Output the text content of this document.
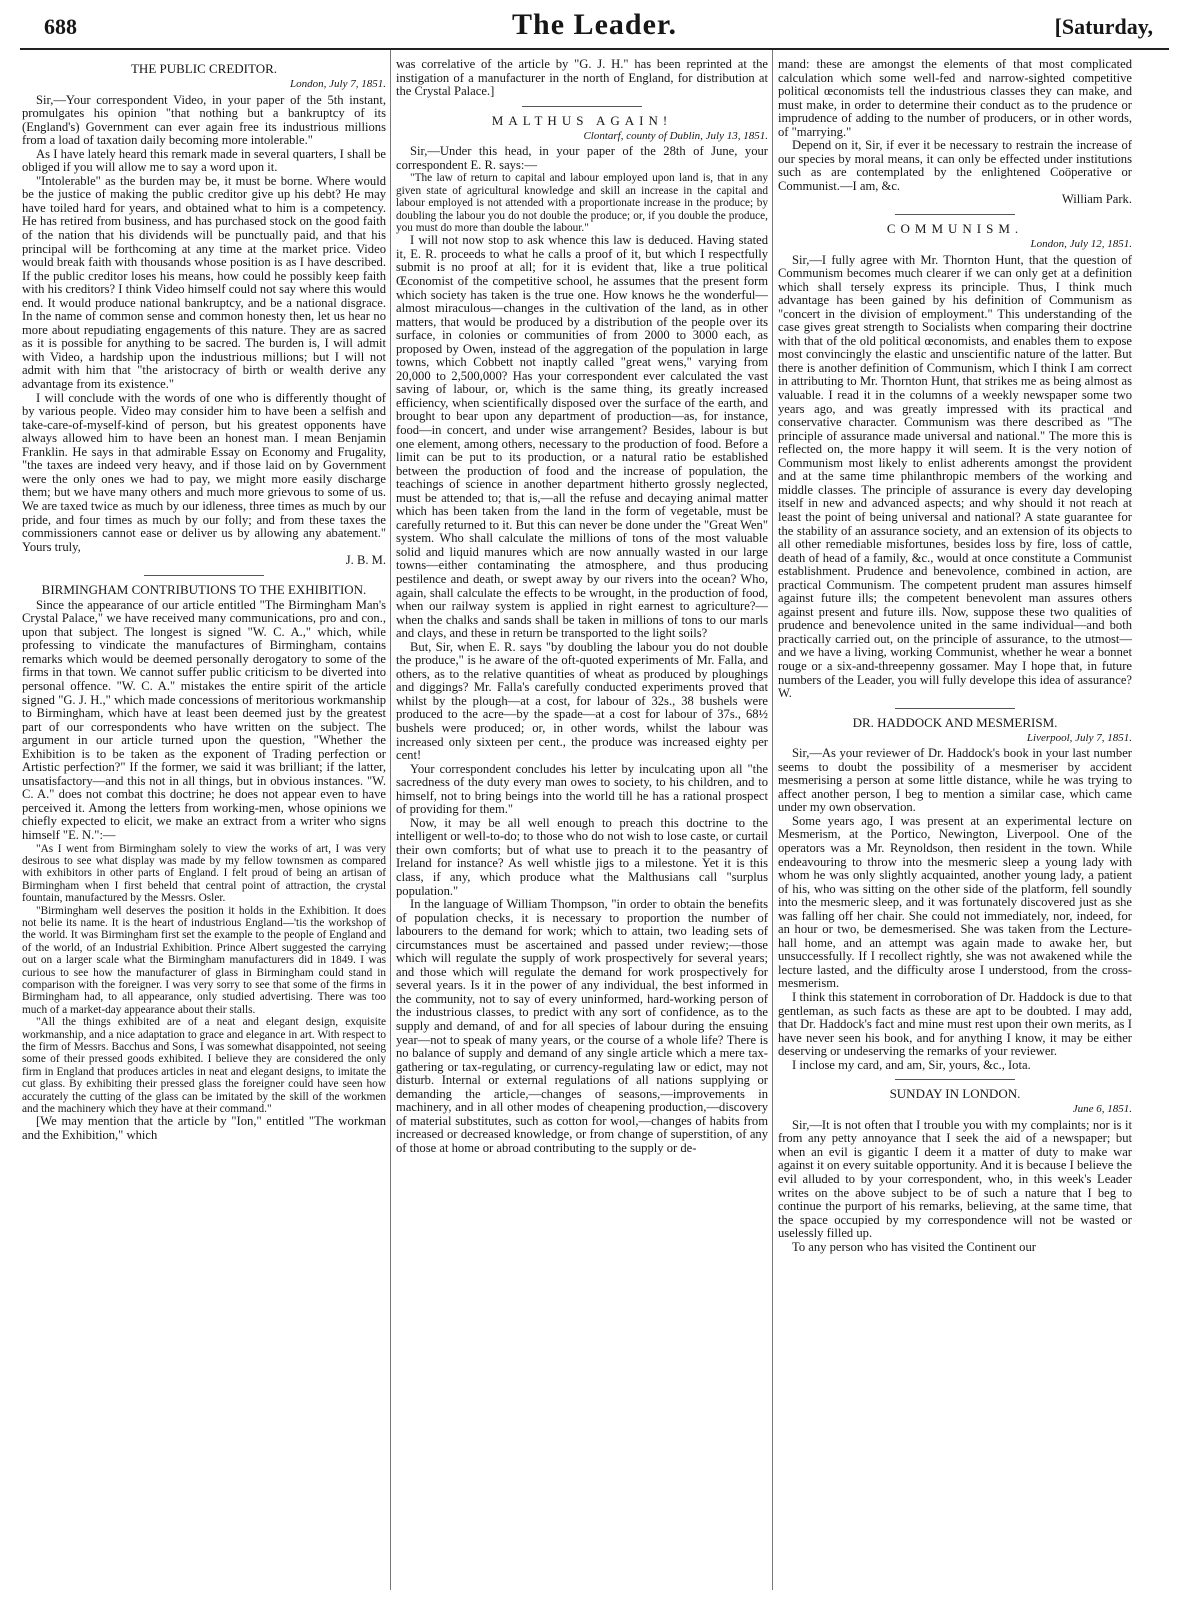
688	The Leader.	[Saturday,
THE PUBLIC CREDITOR.
London, July 7, 1851.

Sir,—Your correspondent Video, in your paper of the 5th instant, promulgates his opinion "that nothing but a bankruptcy of its (England's) Government can ever again free its industrious millions from a load of taxation daily becoming more intolerable."

As I have lately heard this remark made in several quarters, I shall be obliged if you will allow me to say a word upon it.

"Intolerable" as the burden may be, it must be borne. Where would be the justice of making the public creditor give up his debt? He may have toiled hard for years, and obtained what to him is a competency. He has retired from business, and has purchased stock on the good faith of the nation that his dividends will be punctually paid, and that his principal will be forthcoming at any time at the market price. Video would break faith with thousands whose position is as I have described. If the public creditor loses his means, how could he possibly keep faith with his creditors? I think Video himself could not say where this would end. It would produce national bankruptcy, and be a national disgrace. In the name of common sense and common honesty then, let us hear no more about repudiating engagements of this nature. They are as sacred as it is possible for anything to be sacred. The burden is, I will admit with Video, a hardship upon the industrious millions; but I will not admit with him that "the aristocracy of birth or wealth derive any advantage from its existence."

I will conclude with the words of one who is differently thought of by various people. Video may consider him to have been a selfish and take-care-of-myself-kind of person, but his greatest opponents have always allowed him to have been an honest man. I mean Benjamin Franklin. He says in that admirable Essay on Economy and Frugality, "the taxes are indeed very heavy, and if those laid on by Government were the only ones we had to pay, we might more easily discharge them; but we have many others and much more grievous to some of us. We are taxed twice as much by our idleness, three times as much by our pride, and four times as much by our folly; and from these taxes the commissioners cannot ease or deliver us by allowing any abatement." Yours truly,

J. B. M.
BIRMINGHAM CONTRIBUTIONS TO THE EXHIBITION.

Since the appearance of our article entitled "The Birmingham Man's Crystal Palace," we have received many communications, pro and con., upon that subject. The longest is signed "W. C. A.," which, while professing to vindicate the manufactures of Birmingham, contains remarks which would be deemed personally derogatory to some of the firms in that town. We cannot suffer public criticism to be diverted into personal offence. "W. C. A." mistakes the entire spirit of the article signed "G. J. H.," which made concessions of meritorious workmanship to Birmingham, which have at least been deemed just by the greatest part of our correspondents who have written on the subject. The argument in our article turned upon the question, "Whether the Exhibition is to be taken as the exponent of Trading perfection or Artistic perfection?" If the former, we said it was brilliant; if the latter, unsatisfactory—and this not in all things, but in obvious instances. "W. C. A." does not combat this doctrine; he does not appear even to have perceived it. Among the letters from working-men, whose opinions we chiefly expected to elicit, we make an extract from a writer who signs himself "E. N.":—

"As I went from Birmingham solely to view the works of art, I was very desirous to see what display was made by my fellow townsmen as compared with exhibitors in other parts of England. I felt proud of being an artisan of Birmingham when I first beheld that central point of attraction, the crystal fountain, manufactured by the Messrs. Osler.

"Birmingham well deserves the position it holds in the Exhibition. It does not belie its name. It is the heart of industrious England—'tis the workshop of the world. It was Birmingham first set the example to the people of England and of the world, of an Industrial Exhibition. Prince Albert suggested the carrying out on a larger scale what the Birmingham manufacturers did in 1849. I was curious to see how the manufacturer of glass in Birmingham could stand in comparison with the foreigner. I was very sorry to see that some of the firms in Birmingham had, to all appearance, only studied advertising. There was too much of a market-day appearance about their stalls.

"All the things exhibited are of a neat and elegant design, exquisite workmanship, and a nice adaptation to grace and elegance in art. With respect to the firm of Messrs. Bacchus and Sons, I was somewhat disappointed, not seeing some of their pressed goods exhibited. I believe they are considered the only firm in England that produces articles in neat and elegant designs, to imitate the cut glass. By exhibiting their pressed glass the foreigner could have seen how accurately the cutting of the glass can be imitated by the skill of the workmen and the machinery which they have at their command."

[We may mention that the article by "Ion," entitled "The workman and the Exhibition," which

was correlative of the article by "G. J. H." has been reprinted at the instigation of a manufacturer in the north of England, for distribution at the Crystal Palace.]

MALTHUS AGAIN!
Clontarf, county of Dublin, July 13, 1851.

Sir,—Under this head, in your paper of the 28th of June, your correspondent E. R. says:—

"The law of return to capital and labour employed upon land is, that in any given state of agricultural knowledge and skill an increase in the capital and labour employed is not attended with a proportionate increase in the produce; by doubling the labour you do not double the produce; or, if you double the produce, you must do more than double the labour."

I will not now stop to ask whence this law is deduced. Having stated it, E. R. proceeds to what he calls a proof of it, but which I respectfully submit is no proof at all; for it is evident that, like a true political Œconomist of the competitive school, he assumes that the present form which society has taken is the true one. How knows he the wonderful—almost miraculous—changes in the cultivation of the land, as in other matters, that would be produced by a distribution of the people over its surface, in colonies or communities of from 2000 to 3000 each, as proposed by Owen, instead of the aggregation of the population in large towns, which Cobbett not inaptly called "great wens," varying from 20,000 to 2,500,000? Has your correspondent ever calculated the vast saving of labour, or, which is the same thing, its greatly increased efficiency, when scientifically disposed over the surface of the earth, and brought to bear upon any department of production—as, for instance, food—in concert, and under wise arrangement? Besides, labour is but one element, among others, necessary to the production of food. Before a limit can be put to its production, or a natural ratio be established between the production of food and the increase of population, the teachings of science in another department hitherto grossly neglected, must be attended to; that is,—all the refuse and decaying animal matter which has been taken from the land in the form of vegetable, must be carefully returned to it. But this can never be done under the "Great Wen" system. Who shall calculate the millions of tons of the most valuable solid and liquid manures which are now annually wasted in our large towns—either contaminating the atmosphere, and thus producing pestilence and death, or swept away by our rivers into the ocean? Who, again, shall calculate the effects to be wrought, in the production of food, when our railway system is applied in right earnest to agriculture?—when the chalks and sands shall be taken in millions of tons to our marls and clays, and these in return be transported to the light soils?

But, Sir, when E. R. says "by doubling the labour you do not double the produce," is he aware of the oft-quoted experiments of Mr. Falla, and others, as to the relative quantities of wheat as produced by ploughings and diggings? Mr. Falla's carefully conducted experiments proved that whilst by the plough—at a cost, for labour of 32s., 38 bushels were produced to the acre—by the spade—at a cost for labour of 37s., 68½ bushels were produced; or, in other words, whilst the labour was increased only sixteen per cent., the produce was increased eighty per cent!

Your correspondent concludes his letter by inculcating upon all "the sacredness of the duty every man owes to society, to his children, and to himself, not to bring beings into the world till he has a rational prospect of providing for them."

Now, it may be all well enough to preach this doctrine to the intelligent or well-to-do; to those who do not wish to lose caste, or curtail their own comforts; but of what use to preach it to the peasantry of Ireland for instance? As well whistle jigs to a milestone. Yet it is this class, if any, which produce what the Malthusians call "surplus population."

In the language of William Thompson, "in order to obtain the benefits of population checks, it is necessary to proportion the number of labourers to the demand for work; which to attain, two leading sets of circumstances must be ascertained and passed under review;—those which will regulate the supply of work prospectively for several years; and those which will regulate the demand for work prospectively for several years. Is it in the power of any individual, the best informed in the community, not to say of every uninformed, hard-working person of the industrious classes, to predict with any sort of confidence, as to the supply and demand, of and for all species of labour during the ensuing year—not to speak of many years, or the course of a whole life? There is no balance of supply and demand of any single article which a mere tax-gathering or tax-regulating, or currency-regulating law or edict, may not disturb. Internal or external regulations of all nations supplying or demanding the article,—changes of seasons,—improvements in machinery, and in all other modes of cheapening production,—discovery of material substitutes, such as cotton for wool,—changes of habits from increased or decreased knowledge, or from change of superstition, of any of those at home or abroad contributing to the supply or de-

mand: these are amongst the elements of that most complicated calculation which some well-fed and narrow-sighted competitive political œconomists tell the industrious classes they can make, and must make, in order to determine their conduct as to the prudence or imprudence of adding to the number of producers, or in other words, of "marrying."

Depend on it, Sir, if ever it be necessary to restrain the increase of our species by moral means, it can only be effected under institutions such as are contemplated by the enlightened Coöperative or Communist.—I am, &c.

William Park.
COMMUNISM.
London, July 12, 1851.

Sir,—I fully agree with Mr. Thornton Hunt, that the question of Communism becomes much clearer if we can only get at a definition which shall tersely express its principle. Thus, I think much advantage has been gained by his definition of Communism as "concert in the division of employment." This understanding of the case gives great strength to Socialists when comparing their doctrine with that of the old political œconomists, and enables them to expose most convincingly the elastic and unscientific nature of the latter. But there is another definition of Communism, which I think I am correct in attributing to Mr. Thornton Hunt, that strikes me as being almost as valuable. I read it in the columns of a weekly newspaper some two years ago, and was greatly impressed with its practical and conservative character. Communism was there described as "The principle of assurance made universal and national." The more this is reflected on, the more happy it will seem. It is the very notion of Communism most likely to enlist adherents amongst the provident and at the same time philanthropic members of the working and middle classes. The principle of assurance is every day developing itself in new and advanced aspects; and why should it not reach at least the point of being universal and national? A state guarantee for the stability of an assurance society, and an extension of its objects to all other remediable misfortunes, besides loss by fire, loss of cattle, death of head of a family, &c., would at once constitute a Communist establishment. Prudence and benevolence, combined in action, are practical Communism. The competent prudent man assures himself against future ills; the competent benevolent man assures others against present and future ills. Now, suppose these two qualities of prudence and benevolence united in the same individual—and both practically carried out, on the principle of assurance, to the utmost—and we have a living, working Communist, whether he wear a bonnet rouge or a six-and-threepenny gossamer. May I hope that, in future numbers of the Leader, you will fully develope this idea of assurance? W.

DR. HADDOCK AND MESMERISM.
Liverpool, July 7, 1851.

Sir,—As your reviewer of Dr. Haddock's book in your last number seems to doubt the possibility of a mesmeriser by accident mesmerising a person at some little distance, while he was trying to affect another person, I beg to mention a similar case, which came under my own observation.

Some years ago, I was present at an experimental lecture on Mesmerism, at the Portico, Newington, Liverpool. One of the operators was a Mr. Reynoldson, then resident in the town. While endeavouring to throw into the mesmeric sleep a young lady with whom he was only slightly acquainted, another young lady, a patient of his, who was sitting on the other side of the platform, fell soundly into the mesmeric sleep, and it was fortunately discovered just as she was falling off her chair. She could not immediately, nor, indeed, for an hour or two, be demesmerised. She was taken from the Lecture-hall home, and an attempt was again made to awake her, but unsuccessfully. If I recollect rightly, she was not awakened while the lecture lasted, and the difficulty arose I understood, from the cross-mesmerism.

I think this statement in corroboration of Dr. Haddock is due to that gentleman, as such facts as these are apt to be doubted. I may add, that Dr. Haddock's fact and mine must rest upon their own merits, as I have never seen his book, and for anything I know, it may be either deserving or undeserving the remarks of your reviewer.

I inclose my card, and am, Sir, yours, &c., Iota.

SUNDAY IN LONDON.
June 6, 1851.

Sir,—It is not often that I trouble you with my complaints; nor is it from any petty annoyance that I seek the aid of a newspaper; but when an evil is gigantic I deem it a matter of duty to make war against it on every suitable opportunity. And it is because I believe the evil alluded to by your correspondent, who, in this week's Leader writes on the above subject to be of such a nature that I beg to continue the purport of his remarks, believing, at the same time, that the space occupied by my correspondence will not be wasted or uselessly filled up.

To any person who has visited the Continent our
